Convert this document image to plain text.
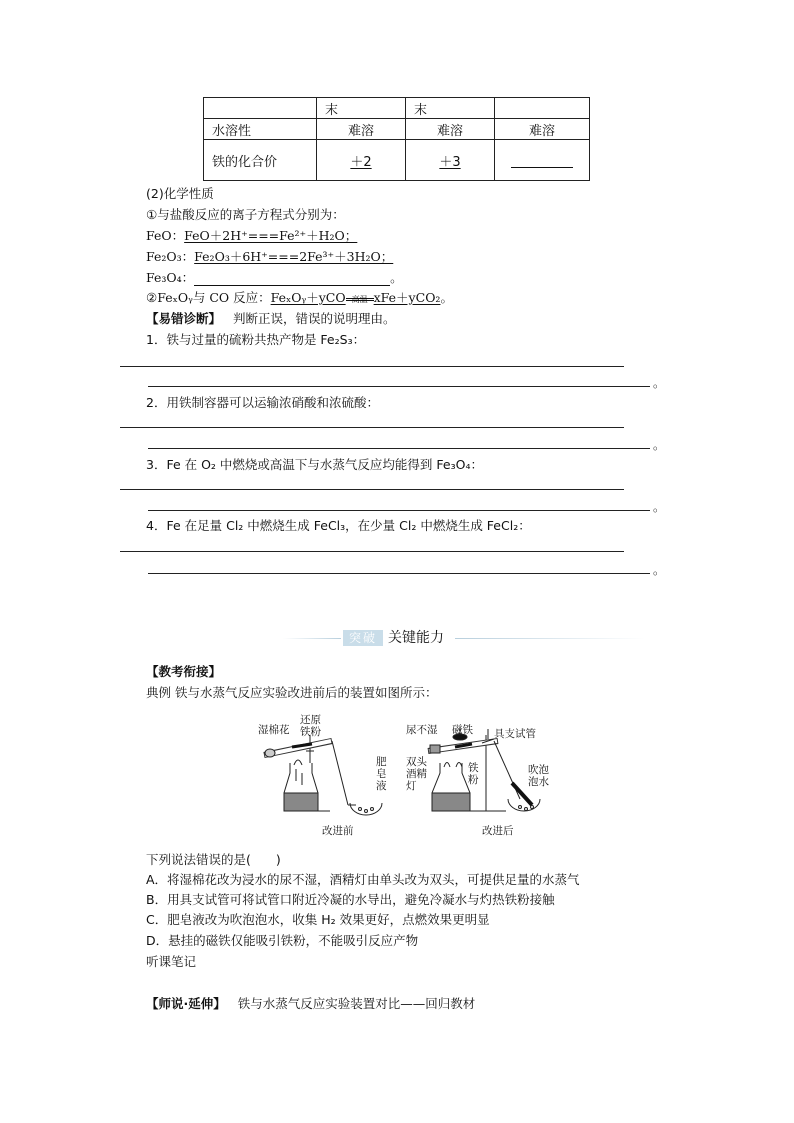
	末	末	
水溶性	难溶	难溶	难溶
铁的化合价	＋2	＋3	
(2)化学性质
①与盐酸反应的离子方程式分别为：
FeO：FeO＋2H⁺===Fe²⁺＋H₂O；
Fe₂O₃：Fe₂O₃＋6H⁺===2Fe³⁺＋3H₂O；
Fe₃O₄：	。
②FeₓOᵧ与 CO 反应：FeₓOᵧ＋yCO 高温 xFe＋yCO₂。
【易错诊断】 判断正误，错误的说明理由。
1．铁与过量的硫粉共热产物是 Fe₂S₃：
。
2．用铁制容器可以运输浓硝酸和浓硫酸：
。
3．Fe 在 O₂ 中燃烧或高温下与水蒸气反应均能得到 Fe₃O₄：
。
4．Fe 在足量 Cl₂ 中燃烧生成 FeCl₃，在少量 Cl₂ 中燃烧生成 FeCl₂：
。
突破 关键能力
【教考衔接】
典例 铁与水蒸气反应实验改进前后的装置如图所示：
湿棉花
还原
铁粉
肥
皂
液
改进前
尿不湿 磁铁 具支试管
双头
酒精
灯
铁
粉
吹泡
泡水
改进后
下列说法错误的是(　　)
A．将湿棉花改为浸水的尿不湿，酒精灯由单头改为双头，可提供足量的水蒸气
B．用具支试管可将试管口附近冷凝的水导出，避免冷凝水与灼热铁粉接触
C．肥皂液改为吹泡泡水，收集 H₂ 效果更好，点燃效果更明显
D．悬挂的磁铁仅能吸引铁粉，不能吸引反应产物
听课笔记
【师说·延伸】 铁与水蒸气反应实验装置对比——回归教材
